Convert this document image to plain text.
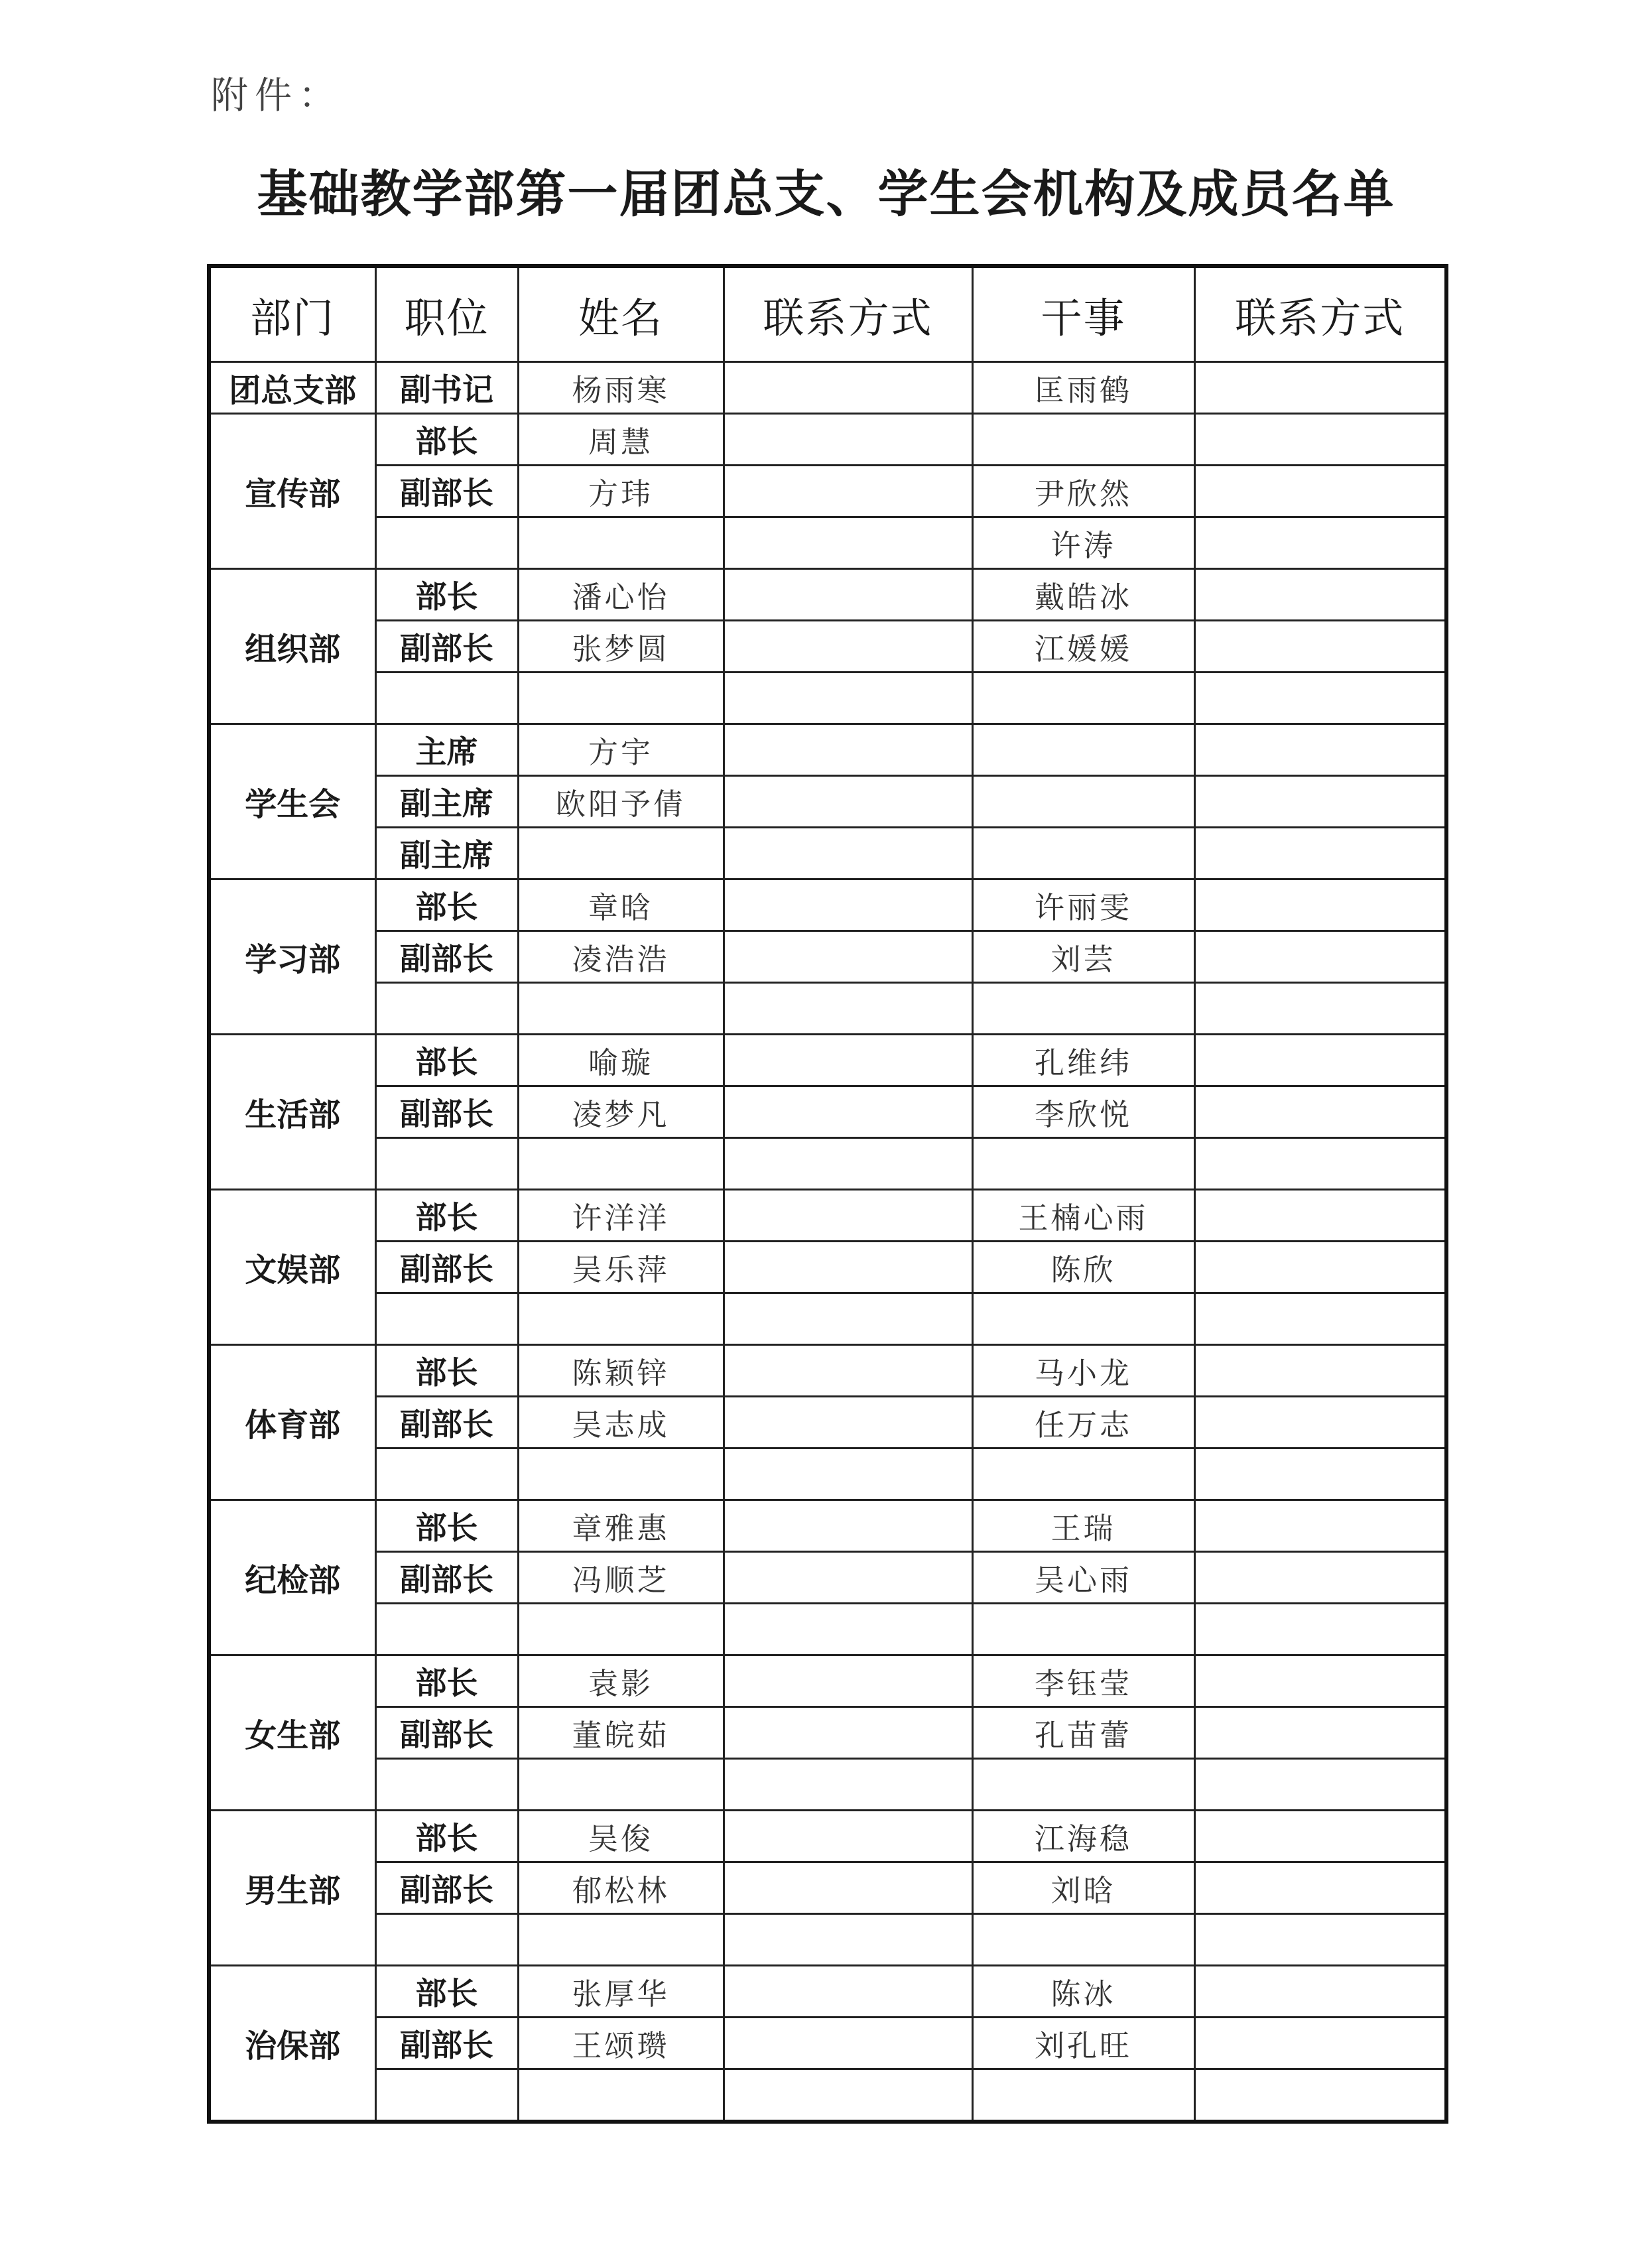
附件：
基础教学部第一届团总支、学生会机构及成员名单
部门	职位	姓名	联系方式	干事	联系方式
团总支部	副书记	杨雨寒		匡雨鹤	
宣传部	部长	周慧			
	副部长	方玮		尹欣然	
				许涛	
组织部	部长	潘心怡		戴皓冰	
	副部长	张梦圆		江媛媛	

学生会	主席	方宇			
	副主席	欧阳予倩			
	副主席				
学习部	部长	章晗		许丽雯	
	副部长	凌浩浩		刘芸	

生活部	部长	喻璇		孔维纬	
	副部长	凌梦凡		李欣悦	

文娱部	部长	许洋洋		王楠心雨	
	副部长	吴乐萍		陈欣	

体育部	部长	陈颖锌		马小龙	
	副部长	吴志成		任万志	

纪检部	部长	章雅惠		王瑞	
	副部长	冯顺芝		吴心雨	

女生部	部长	袁影		李钰莹	
	副部长	董皖茹		孔苗蕾	

男生部	部长	吴俊		江海稳	
	副部长	郁松林		刘晗	

治保部	部长	张厚华		陈冰	
	副部长	王颂瓒		刘孔旺	
